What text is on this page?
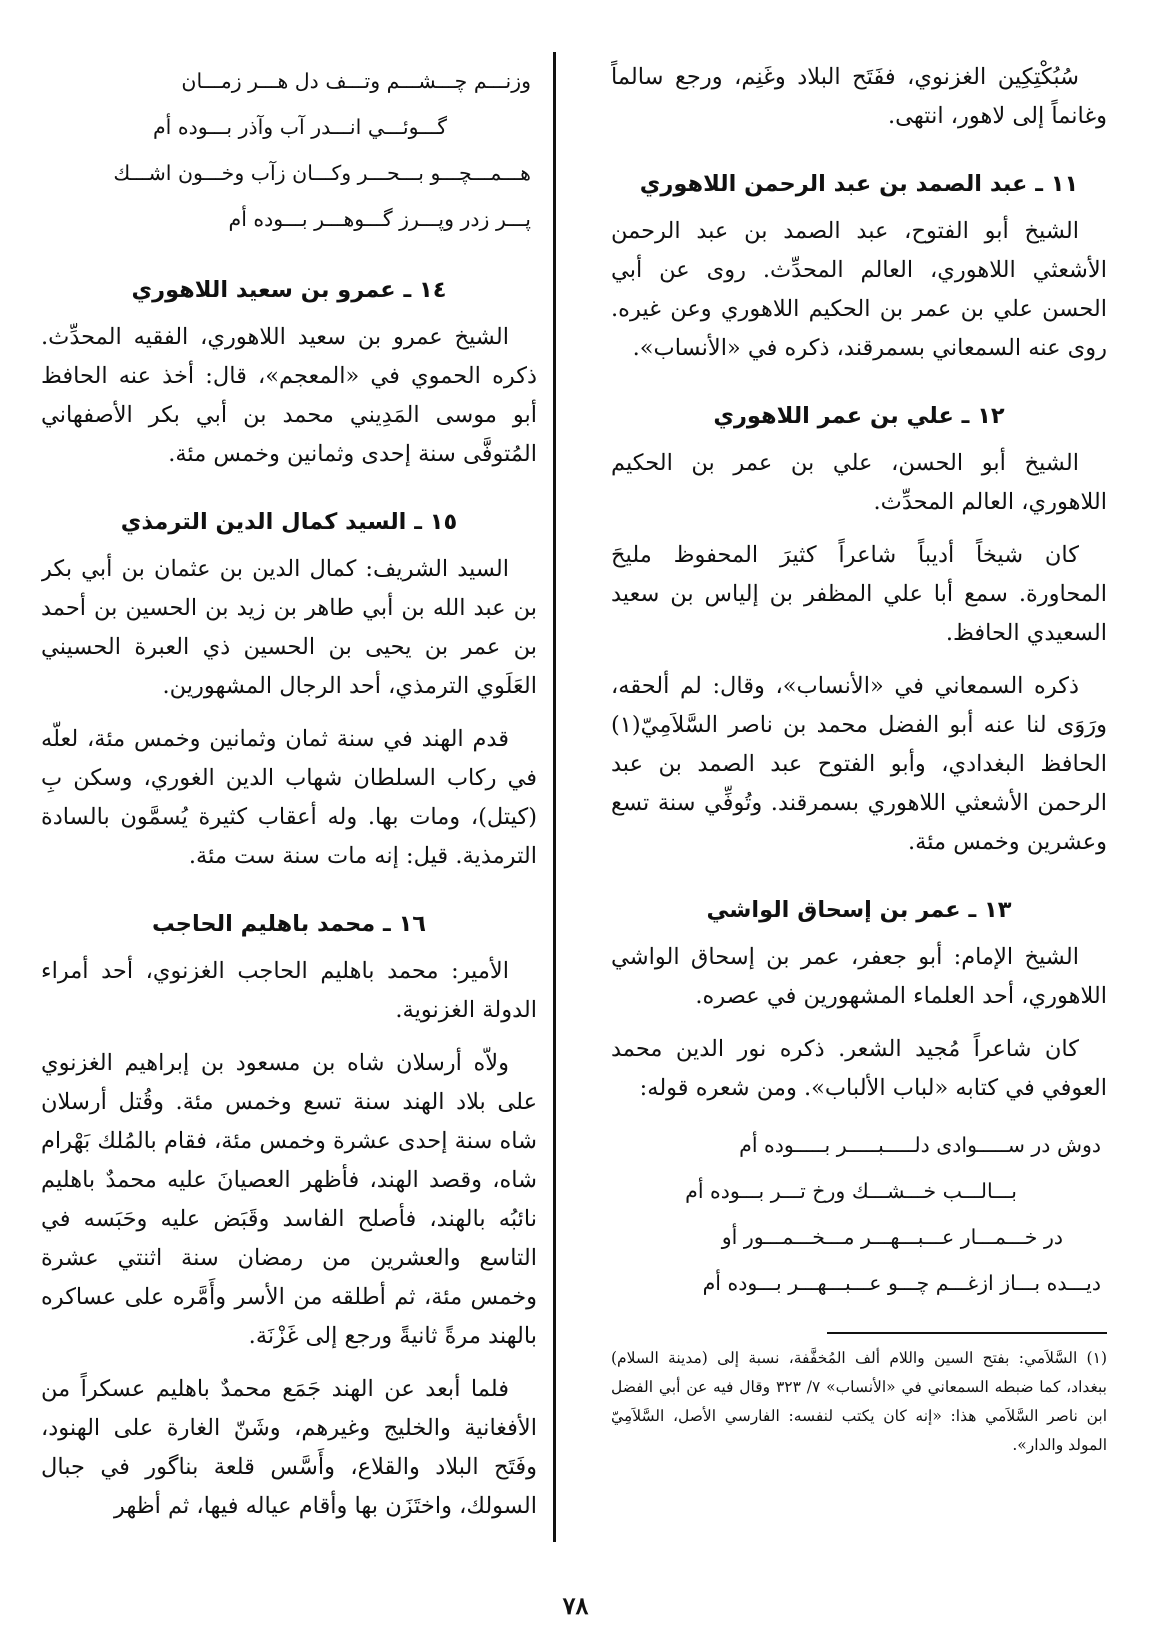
سُبُكْتِكِين الغزنوي، ففَتَح البلاد وغَنِم، ورجع سالماً وغانماً إلى لاهور، انتهى.

١١ ـ عبد الصمد بن عبد الرحمن اللاهوري

الشيخ أبو الفتوح، عبد الصمد بن عبد الرحمن الأشعثي اللاهوري، العالم المحدِّث. روى عن أبي الحسن علي بن عمر بن الحكيم اللاهوري وعن غيره. روى عنه السمعاني بسمرقند، ذكره في «الأنساب».

١٢ ـ علي بن عمر اللاهوري

الشيخ أبو الحسن، علي بن عمر بن الحكيم اللاهوري، العالم المحدِّث.

كان شيخاً أديباً شاعراً كثيرَ المحفوظ مليحَ المحاورة. سمع أبا علي المظفر بن إلياس بن سعيد السعيدي الحافظ.

ذكره السمعاني في «الأنساب»، وقال: لم ألحقه، ورَوَى لنا عنه أبو الفضل محمد بن ناصر السَّلاَمِيّ(١) الحافظ البغدادي، وأبو الفتوح عبد الصمد بن عبد الرحمن الأشعثي اللاهوري بسمرقند. وتُوفِّي سنة تسع وعشرين وخمس مئة.

١٣ ـ عمر بن إسحاق الواشي

الشيخ الإمام: أبو جعفر، عمر بن إسحاق الواشي اللاهوري، أحد العلماء المشهورين في عصره.

كان شاعراً مُجيد الشعر. ذكره نور الدين محمد العوفي في كتابه «لباب الألباب». ومن شعره قوله:

دوش در ســـــوادى دلـــــبـــــر بـــــوده أم

بـــالـــب خـــشـــك ورخ تـــر بـــوده أم

در خـــمـــار عـــبـــهـــر مـــخـــمـــور أو

ديـــده بـــاز ازغـــم چـــو عـــبـــهـــر بـــوده أم

(١) السَّلاَمي: بفتح السين واللام ألف المُخفَّفة، نسبة إلى (مدينة السلام) ببغداد، كما ضبطه السمعاني في «الأنساب» ٧/ ٣٢٣ وقال فيه عن أبي الفضل ابن ناصر السَّلاَمي هذا: «إنه كان يكتب لنفسه: الفارسي الأصل، السَّلاَمِيّ المولد والدار».

وزنـــم چـــشـــم وتـــف دل هـــر زمـــان

گـــوئـــي انـــدر آب وآذر بـــوده أم

هـــمـــچـــو بـــحـــر وكـــان زآب وخـــون اشـــك

پـــر زدر وپـــرز گـــوهـــر بـــوده أم

١٤ ـ عمرو بن سعيد اللاهوري

الشيخ عمرو بن سعيد اللاهوري، الفقيه المحدِّث. ذكره الحموي في «المعجم»، قال: أخذ عنه الحافظ أبو موسى المَدِيني محمد بن أبي بكر الأصفهاني المُتوفَّى سنة إحدى وثمانين وخمس مئة.

١٥ ـ السيد كمال الدين الترمذي

السيد الشريف: كمال الدين بن عثمان بن أبي بكر بن عبد الله بن أبي طاهر بن زيد بن الحسين بن أحمد بن عمر بن يحيى بن الحسين ذي العبرة الحسيني العَلَوي الترمذي، أحد الرجال المشهورين.

قدم الهند في سنة ثمان وثمانين وخمس مئة، لعلّه في ركاب السلطان شهاب الدين الغوري، وسكن بِ (كيتل)، ومات بها. وله أعقاب كثيرة يُسمَّون بالسادة الترمذية. قيل: إنه مات سنة ست مئة.

١٦ ـ محمد باهليم الحاجب

الأمير: محمد باهليم الحاجب الغزنوي، أحد أمراء الدولة الغزنوية.

ولاّه أرسلان شاه بن مسعود بن إبراهيم الغزنوي على بلاد الهند سنة تسع وخمس مئة. وقُتل أرسلان شاه سنة إحدى عشرة وخمس مئة، فقام بالمُلك بَهْرام شاه، وقصد الهند، فأظهر العصيانَ عليه محمدٌ باهليم نائبُه بالهند، فأصلح الفاسد وقَبَض عليه وحَبَسه في التاسع والعشرين من رمضان سنة اثنتي عشرة وخمس مئة، ثم أطلقه من الأسر وأَمَّره على عساكره بالهند مرةً ثانيةً ورجع إلى غَزْنَة.

فلما أبعد عن الهند جَمَع محمدٌ باهليم عسكراً من الأفغانية والخليج وغيرهم، وشَنّ الغارة على الهنود، وفَتَح البلاد والقلاع، وأَسَّس قلعة بناگور في جبال السولك، واختَزَن بها وأقام عياله فيها، ثم أظهر

٧٨
